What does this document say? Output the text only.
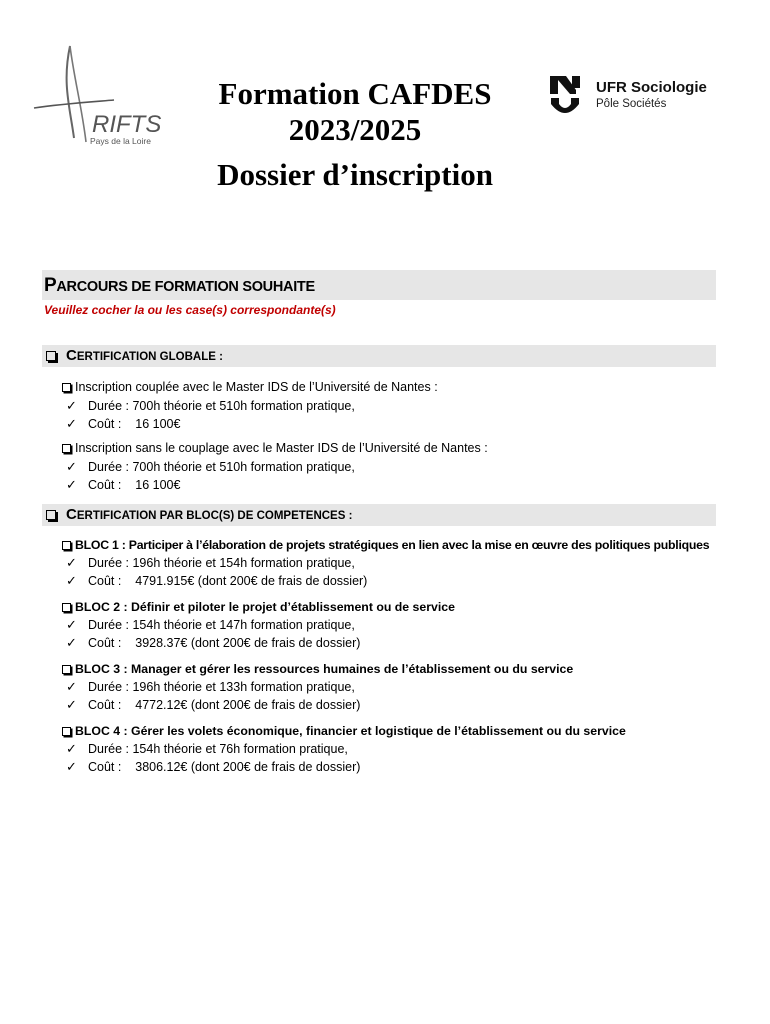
RIFTS
Pays de la Loire
Formation CAFDES
2023/2025
Dossier d’inscription
UFR Sociologie
Pôle Sociétés
PARCOURS DE FORMATION SOUHAITE
Veuillez cocher la ou les case(s) correspondante(s)
CERTIFICATION GLOBALE :
Inscription couplée avec le Master IDS de l’Université de Nantes :
✓ Durée : 700h théorie et 510h formation pratique,
✓ Coût :    16 100€
Inscription sans le couplage avec le Master IDS de l’Université de Nantes :
✓ Durée : 700h théorie et 510h formation pratique,
✓ Coût :    16 100€
CERTIFICATION PAR BLOC(S) DE COMPETENCES :
BLOC 1 : Participer à l’élaboration de projets stratégiques en lien avec la mise en œuvre des politiques publiques
✓ Durée : 196h théorie et 154h formation pratique,
✓ Coût :    4791.915€ (dont 200€ de frais de dossier)
BLOC 2 : Définir et piloter le projet d’établissement ou de service
✓ Durée : 154h théorie et 147h formation pratique,
✓ Coût :    3928.37€ (dont 200€ de frais de dossier)
BLOC 3 : Manager et gérer les ressources humaines de l’établissement ou du service
✓ Durée : 196h théorie et 133h formation pratique,
✓ Coût :    4772.12€ (dont 200€ de frais de dossier)
BLOC 4 : Gérer les volets économique, financier et logistique de l’établissement ou du service
✓ Durée : 154h théorie et 76h formation pratique,
✓ Coût :    3806.12€ (dont 200€ de frais de dossier)
